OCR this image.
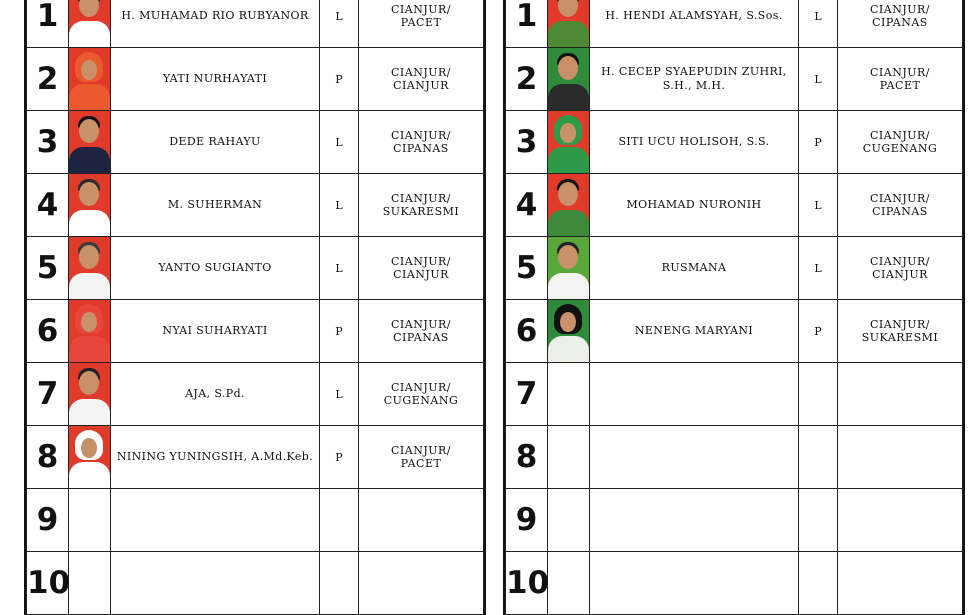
1		H. MUHAMAD RIO RUBYANOR	L	CIANJUR/
PACET

2		YATI NURHAYATI	P	CIANJUR/
CIANJUR

3		DEDE RAHAYU	L	CIANJUR/
CIPANAS

4		M. SUHERMAN	L	CIANJUR/
SUKARESMI

5		YANTO SUGIANTO	L	CIANJUR/
CIANJUR

6		NYAI SUHARYATI	P	CIANJUR/
CIPANAS

7		AJA, S.Pd.	L	CIANJUR/
CUGENANG

8		NINING YUNINGSIH, A.Md.Keb.	P	CIANJUR/
PACET

9				

10				
1		H. HENDI ALAMSYAH, S.Sos.	L	CIANJUR/
CIPANAS

2		H. CECEP SYAEPUDIN ZUHRI, S.H., M.H.	L	CIANJUR/
PACET

3		SITI UCU HOLISOH, S.S.	P	CIANJUR/
CUGENANG

4		MOHAMAD NURONIH	L	CIANJUR/
CIPANAS

5		RUSMANA	L	CIANJUR/
CIANJUR

6		NENENG MARYANI	P	CIANJUR/
SUKARESMI

7				

8				

9				

10				
